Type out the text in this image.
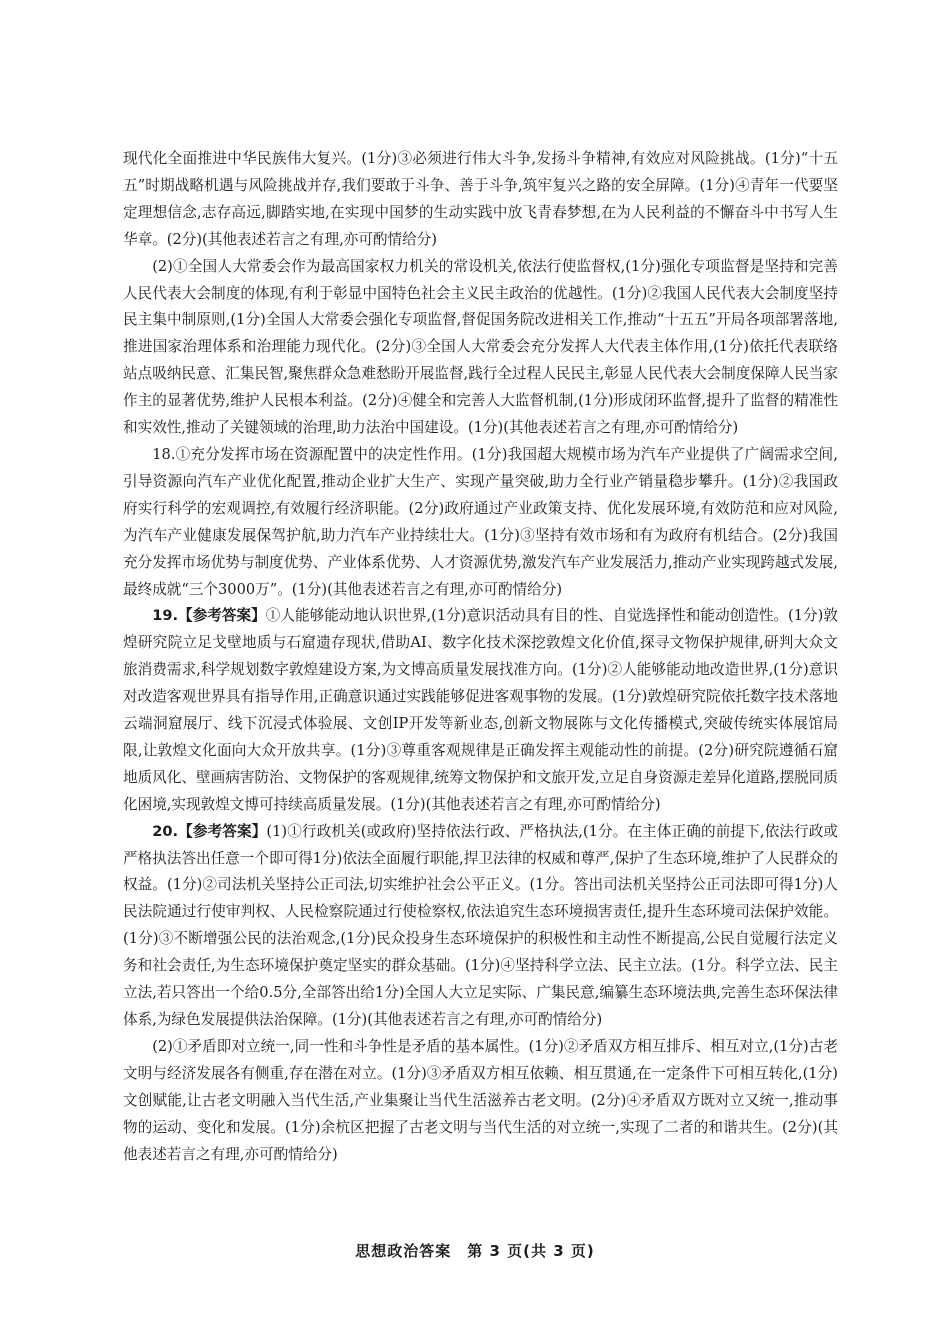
现代化全面推进中华民族伟大复兴。(1分)③必须进行伟大斗争,发扬斗争精神,有效应对风险挑战。(1分)“十五五”时期战略机遇与风险挑战并存,我们要敢于斗争、善于斗争,筑牢复兴之路的安全屏障。(1分)④青年一代要坚定理想信念,志存高远,脚踏实地,在实现中国梦的生动实践中放飞青春梦想,在为人民利益的不懈奋斗中书写人生华章。(2分)(其他表述若言之有理,亦可酌情给分)

(2)①全国人大常委会作为最高国家权力机关的常设机关,依法行使监督权,(1分)强化专项监督是坚持和完善人民代表大会制度的体现,有利于彰显中国特色社会主义民主政治的优越性。(1分)②我国人民代表大会制度坚持民主集中制原则,(1分)全国人大常委会强化专项监督,督促国务院改进相关工作,推动“十五五”开局各项部署落地,推进国家治理体系和治理能力现代化。(2分)③全国人大常委会充分发挥人大代表主体作用,(1分)依托代表联络站点吸纳民意、汇集民智,聚焦群众急难愁盼开展监督,践行全过程人民民主,彰显人民代表大会制度保障人民当家作主的显著优势,维护人民根本利益。(2分)④健全和完善人大监督机制,(1分)形成闭环监督,提升了监督的精准性和实效性,推动了关键领域的治理,助力法治中国建设。(1分)(其他表述若言之有理,亦可酌情给分)

18.①充分发挥市场在资源配置中的决定性作用。(1分)我国超大规模市场为汽车产业提供了广阔需求空间,引导资源向汽车产业优化配置,推动企业扩大生产、实现产量突破,助力全行业产销量稳步攀升。(1分)②我国政府实行科学的宏观调控,有效履行经济职能。(2分)政府通过产业政策支持、优化发展环境,有效防范和应对风险,为汽车产业健康发展保驾护航,助力汽车产业持续壮大。(1分)③坚持有效市场和有为政府有机结合。(2分)我国充分发挥市场优势与制度优势、产业体系优势、人才资源优势,激发汽车产业发展活力,推动产业实现跨越式发展,最终成就“三个3000万”。(1分)(其他表述若言之有理,亦可酌情给分)

19.【参考答案】①人能够能动地认识世界,(1分)意识活动具有目的性、自觉选择性和能动创造性。(1分)敦煌研究院立足戈壁地质与石窟遗存现状,借助AI、数字化技术深挖敦煌文化价值,探寻文物保护规律,研判大众文旅消费需求,科学规划数字敦煌建设方案,为文博高质量发展找准方向。(1分)②人能够能动地改造世界,(1分)意识对改造客观世界具有指导作用,正确意识通过实践能够促进客观事物的发展。(1分)敦煌研究院依托数字技术落地云端洞窟展厅、线下沉浸式体验展、文创IP开发等新业态,创新文物展陈与文化传播模式,突破传统实体展馆局限,让敦煌文化面向大众开放共享。(1分)③尊重客观规律是正确发挥主观能动性的前提。(2分)研究院遵循石窟地质风化、壁画病害防治、文物保护的客观规律,统筹文物保护和文旅开发,立足自身资源走差异化道路,摆脱同质化困境,实现敦煌文博可持续高质量发展。(1分)(其他表述若言之有理,亦可酌情给分)

20.【参考答案】(1)①行政机关(或政府)坚持依法行政、严格执法,(1分。在主体正确的前提下,依法行政或严格执法答出任意一个即可得1分)依法全面履行职能,捍卫法律的权威和尊严,保护了生态环境,维护了人民群众的权益。(1分)②司法机关坚持公正司法,切实维护社会公平正义。(1分。答出司法机关坚持公正司法即可得1分)人民法院通过行使审判权、人民检察院通过行使检察权,依法追究生态环境损害责任,提升生态环境司法保护效能。(1分)③不断增强公民的法治观念,(1分)民众投身生态环境保护的积极性和主动性不断提高,公民自觉履行法定义务和社会责任,为生态环境保护奠定坚实的群众基础。(1分)④坚持科学立法、民主立法。(1分。科学立法、民主立法,若只答出一个给0.5分,全部答出给1分)全国人大立足实际、广集民意,编纂生态环境法典,完善生态环保法律体系,为绿色发展提供法治保障。(1分)(其他表述若言之有理,亦可酌情给分)

(2)①矛盾即对立统一,同一性和斗争性是矛盾的基本属性。(1分)②矛盾双方相互排斥、相互对立,(1分)古老文明与经济发展各有侧重,存在潜在对立。(1分)③矛盾双方相互依赖、相互贯通,在一定条件下可相互转化,(1分)文创赋能,让古老文明融入当代生活,产业集聚让当代生活滋养古老文明。(2分)④矛盾双方既对立又统一,推动事物的运动、变化和发展。(1分)余杭区把握了古老文明与当代生活的对立统一,实现了二者的和谐共生。(2分)(其他表述若言之有理,亦可酌情给分)

思想政治答案　第 3 页(共 3 页)
